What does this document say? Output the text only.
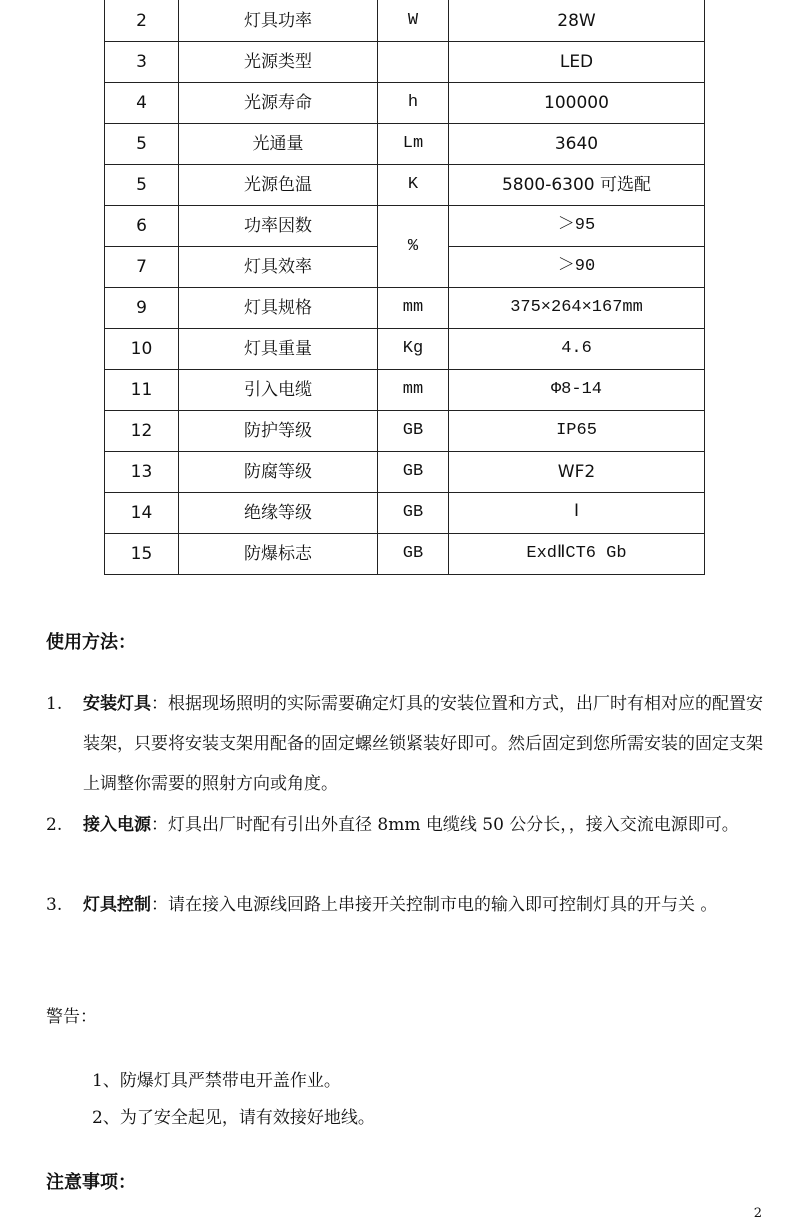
2	灯具功率	W	28W
3	光源类型		LED
4	光源寿命	h	100000
5	光通量	Lm	3640
5	光源色温	K	5800-6300 可选配
6	功率因数	%	＞95
7	灯具效率		＞90
9	灯具规格	mm	375×264×167mm
10	灯具重量	Kg	4.6
11	引入电缆	mm	Φ8-14
12	防护等级	GB	IP65
13	防腐等级	GB	WF2
14	绝缘等级	GB	Ⅰ
15	防爆标志	GB	ExdⅡCT6 Gb
使用方法：
1.	安装灯具：根据现场照明的实际需要确定灯具的安装位置和方式，出厂时有相对应的配置安装架，只要将安装支架用配备的固定螺丝锁紧装好即可。然后固定到您所需安装的固定支架上调整你需要的照射方向或角度。
2.	接入电源：灯具出厂时配有引出外直径 8mm 电缆线 50 公分长，，接入交流电源即可。
3.	灯具控制：请在接入电源线回路上串接开关控制市电的输入即可控制灯具的开与关 。
警告：
1、防爆灯具严禁带电开盖作业。
2、为了安全起见，请有效接好地线。
注意事项：
2
